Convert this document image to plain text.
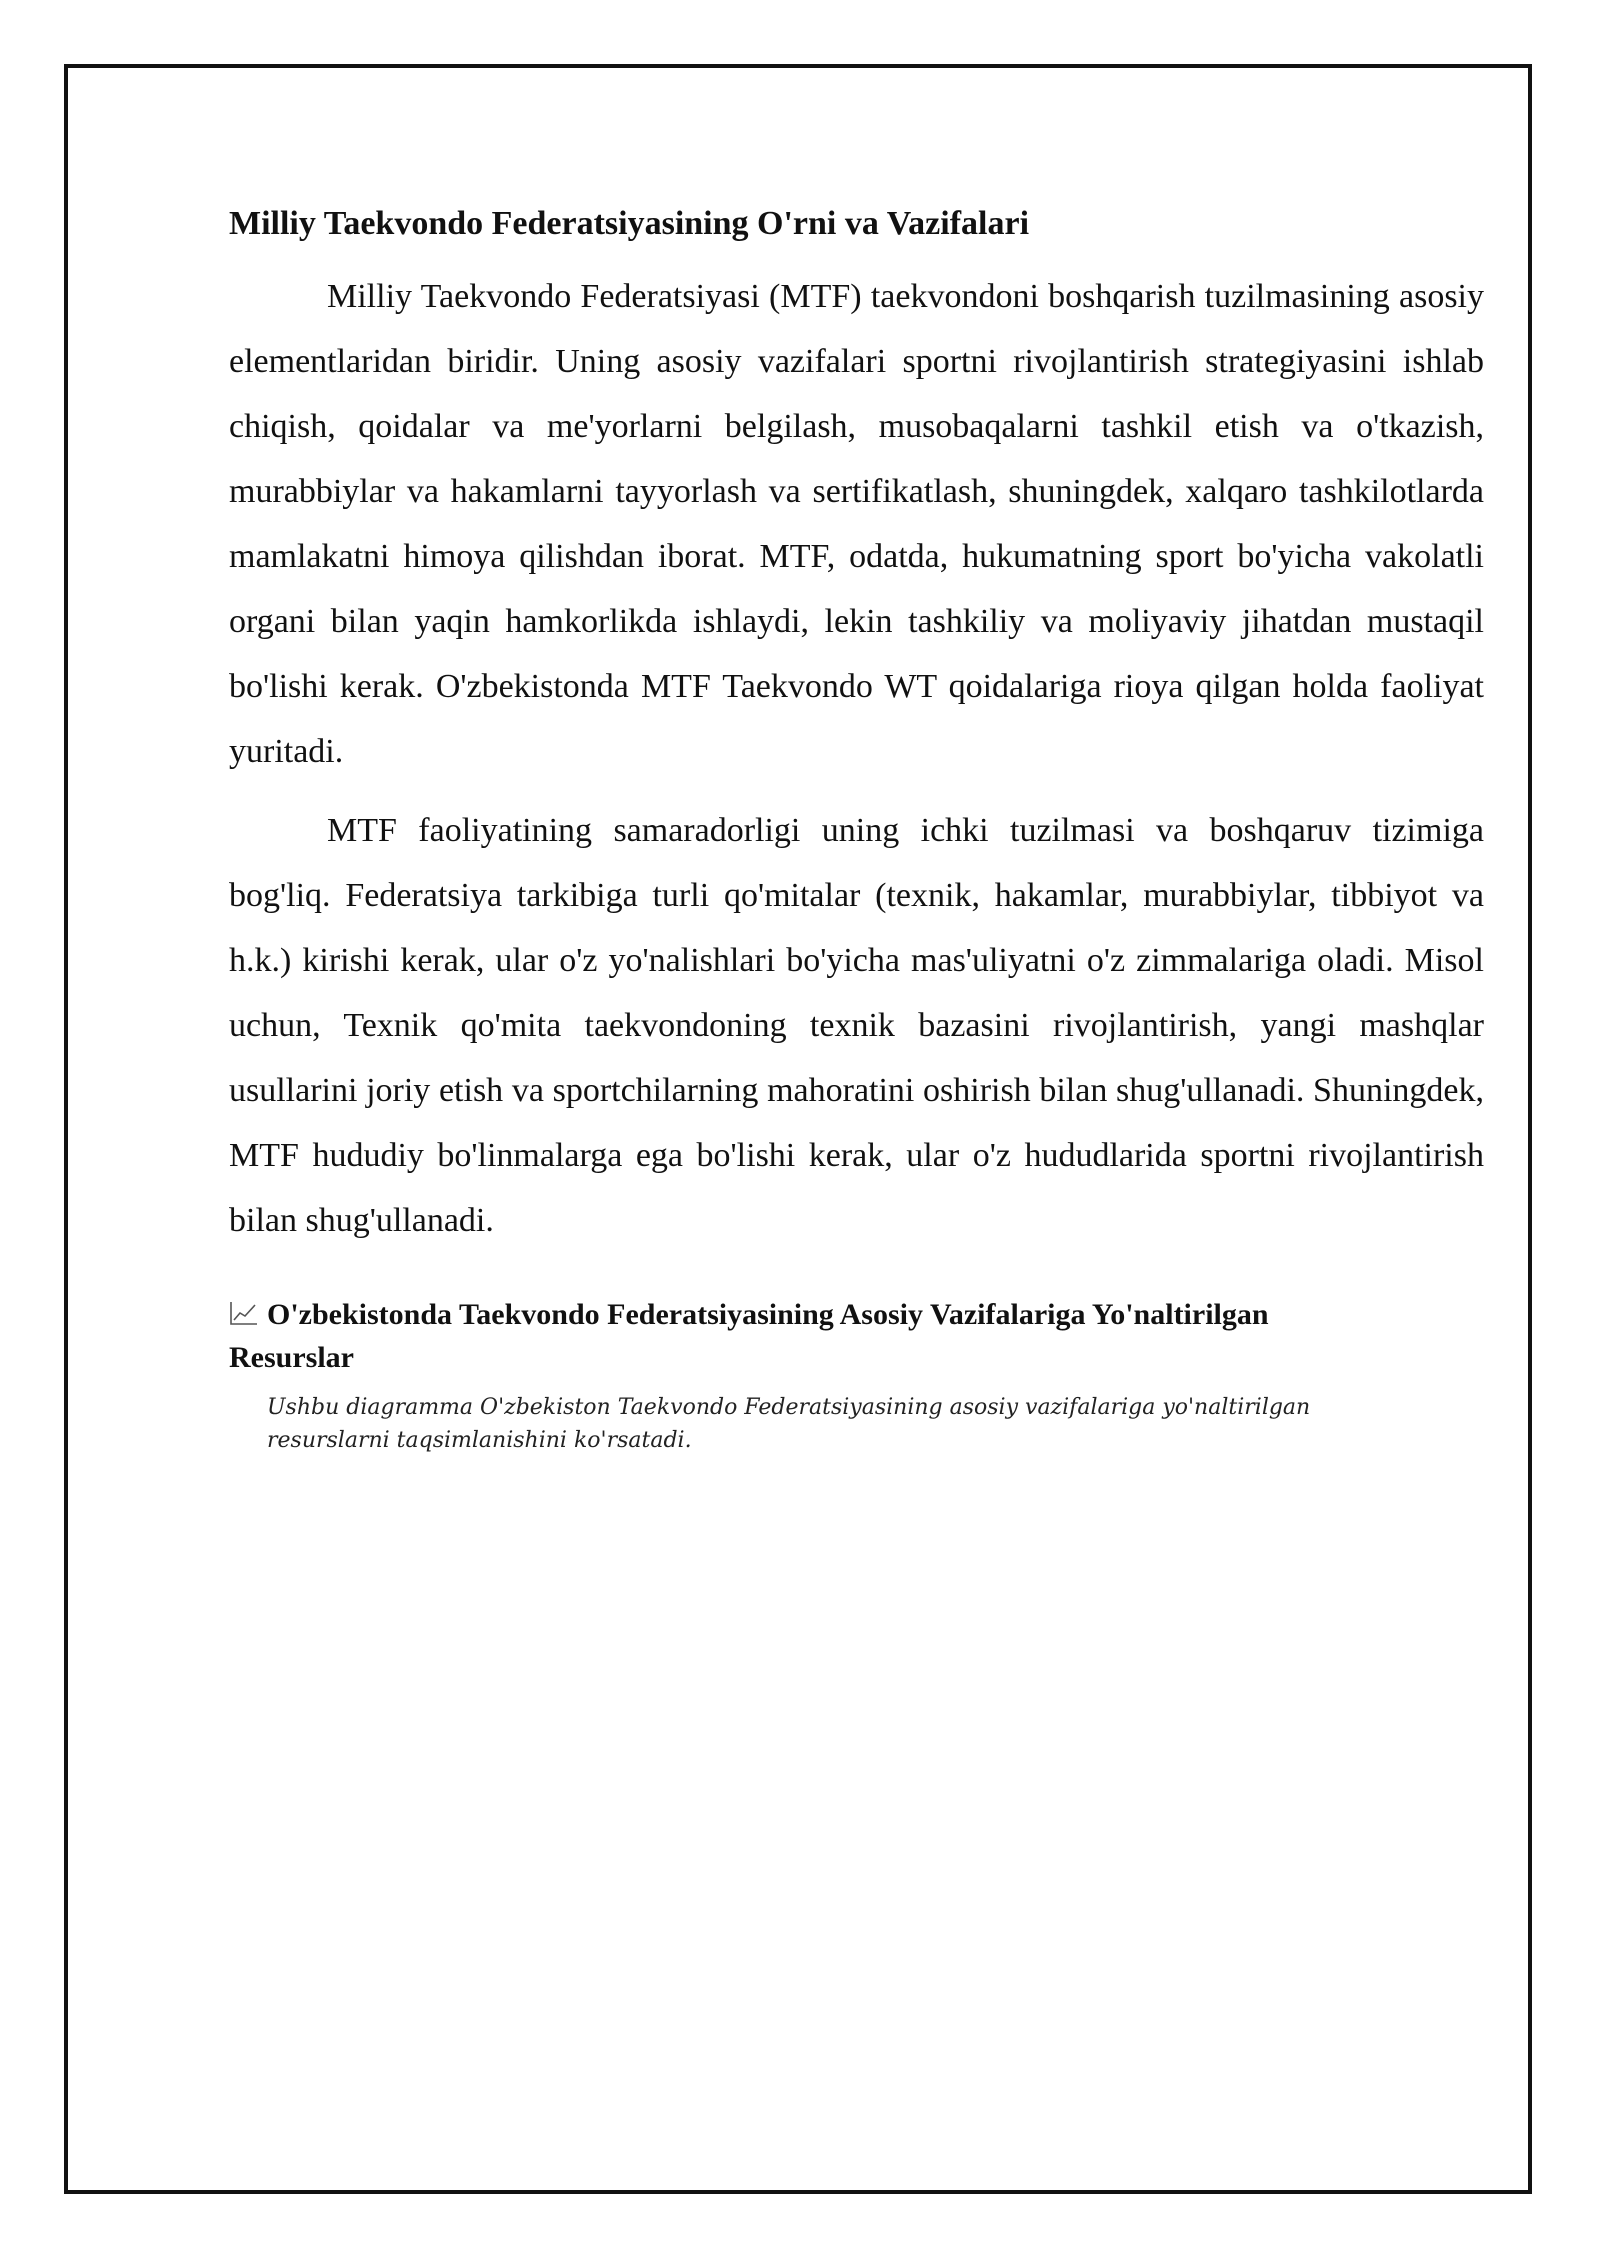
Milliy Taekvondo Federatsiyasining O'rni va Vazifalari

Milliy Taekvondo Federatsiyasi (MTF) taekvondoni boshqarish tuzilmasining asosiy elementlaridan biridir. Uning asosiy vazifalari sportni rivojlantirish strategiyasini ishlab chiqish, qoidalar va me'yorlarni belgilash, musobaqalarni tashkil etish va o'tkazish, murabbiylar va hakamlarni tayyorlash va sertifikatlash, shuningdek, xalqaro tashkilotlarda mamlakatni himoya qilishdan iborat. MTF, odatda, hukumatning sport bo'yicha vakolatli organi bilan yaqin hamkorlikda ishlaydi, lekin tashkiliy va moliyaviy jihatdan mustaqil bo'lishi kerak. O'zbekistonda MTF Taekvondo WT qoidalariga rioya qilgan holda faoliyat yuritadi.

MTF faoliyatining samaradorligi uning ichki tuzilmasi va boshqaruv tizimiga bog'liq. Federatsiya tarkibiga turli qo'mitalar (texnik, hakamlar, murabbiylar, tibbiyot va h.k.) kirishi kerak, ular o'z yo'nalishlari bo'yicha mas'uliyatni o'z zimmalariga oladi. Misol uchun, Texnik qo'mita taekvondoning texnik bazasini rivojlantirish, yangi mashqlar usullarini joriy etish va sportchilarning mahoratini oshirish bilan shug'ullanadi. Shuningdek, MTF hududiy bo'linmalarga ega bo'lishi kerak, ular o'z hududlarida sportni rivojlantirish bilan shug'ullanadi.

O'zbekistonda Taekvondo Federatsiyasining Asosiy Vazifalariga Yo'naltirilgan Resurslar
Ushbu diagramma O'zbekiston Taekvondo Federatsiyasining asosiy vazifalariga yo'naltirilgan resurslarni taqsimlanishini ko'rsatadi.
